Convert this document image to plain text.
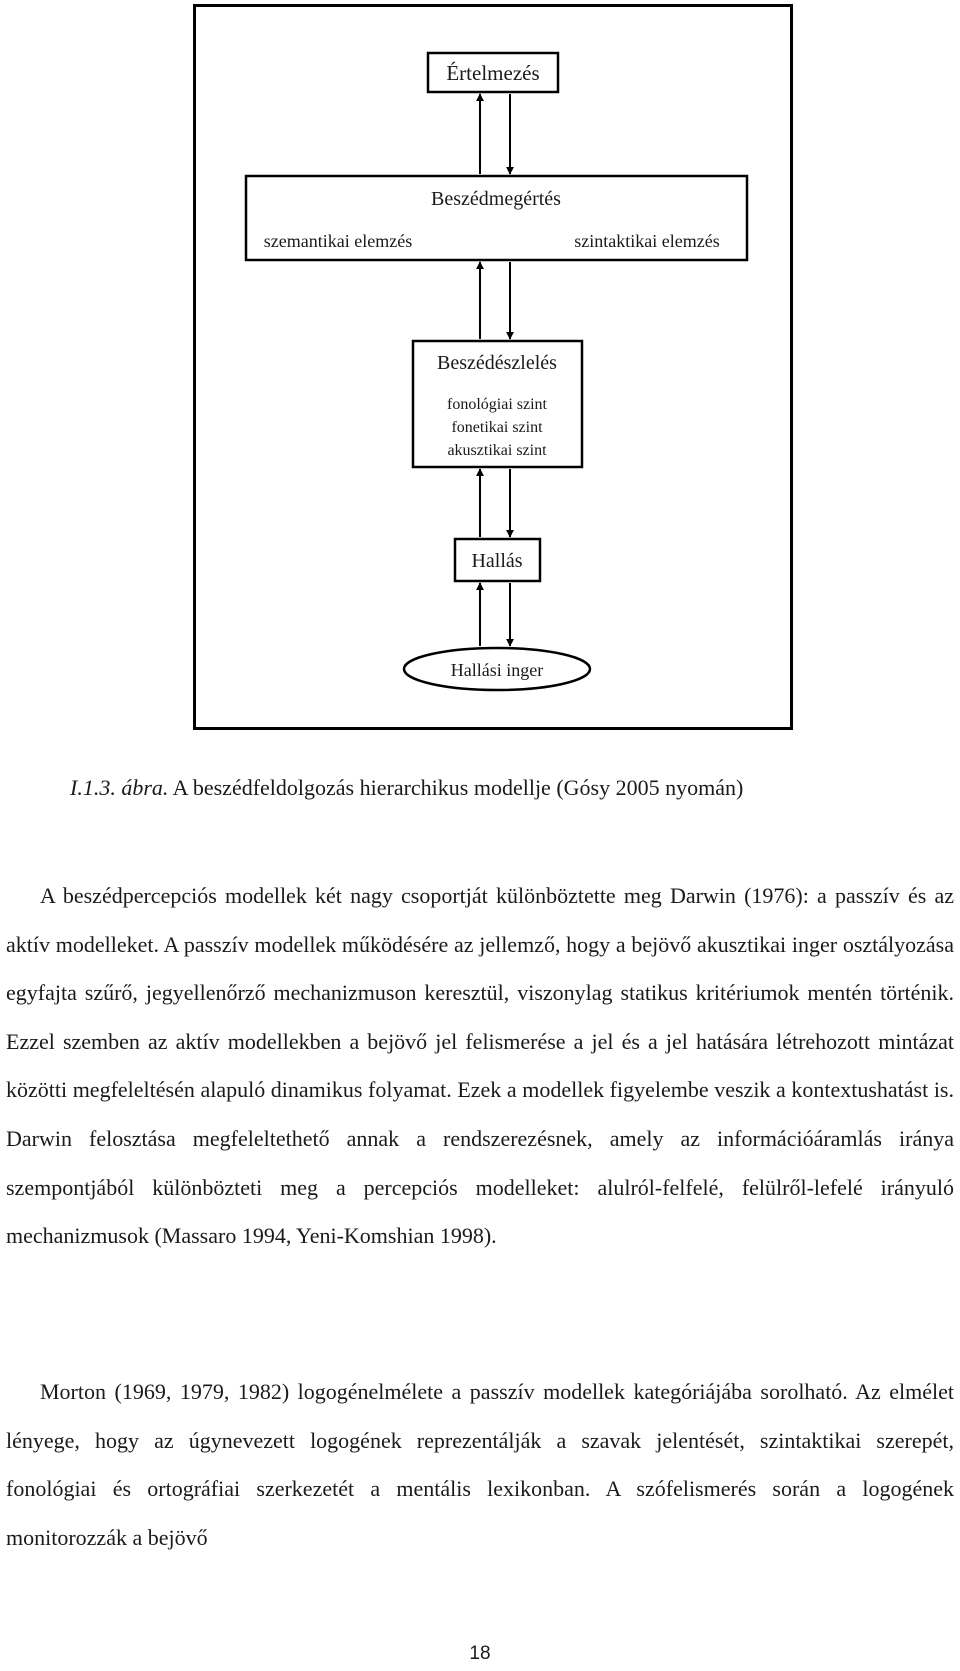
Értelmezés
Beszédmegértés
szemantikai elemzés	szintaktikai elemzés
Beszédészlelés
fonológiai szint
fonetikai szint
akusztikai szint
Hallás
Hallási inger
I.1.3. ábra. A beszédfeldolgozás hierarchikus modellje (Gósy 2005 nyomán)

A beszédpercepciós modellek két nagy csoportját különböztette meg Darwin (1976): a passzív és az aktív modelleket. A passzív modellek működésére az jellemző, hogy a bejövő akusztikai inger osztályozása egyfajta szűrő, jegyellenőrző mechanizmuson keresztül, viszonylag statikus kritériumok mentén történik. Ezzel szemben az aktív modellekben a bejövő jel felismerése a jel és a jel hatására létrehozott mintázat közötti megfeleltésén alapuló dinamikus folyamat. Ezek a modellek figyelembe veszik a kontextushatást is. Darwin felosztása megfeleltethető annak a rendszerezésnek, amely az információáramlás iránya szempontjából különbözteti meg a percepciós modelleket: alulról-felfelé, felülről-lefelé irányuló mechanizmusok (Massaro 1994, Yeni-Komshian 1998).

Morton (1969, 1979, 1982) logogénelmélete a passzív modellek kategóriájába sorolható. Az elmélet lényege, hogy az úgynevezett logogének reprezentálják a szavak jelentését, szintaktikai szerepét, fonológiai és ortográfiai szerkezetét a mentális lexikonban. A szófelismerés során a logogének monitorozzák a bejövő

18
